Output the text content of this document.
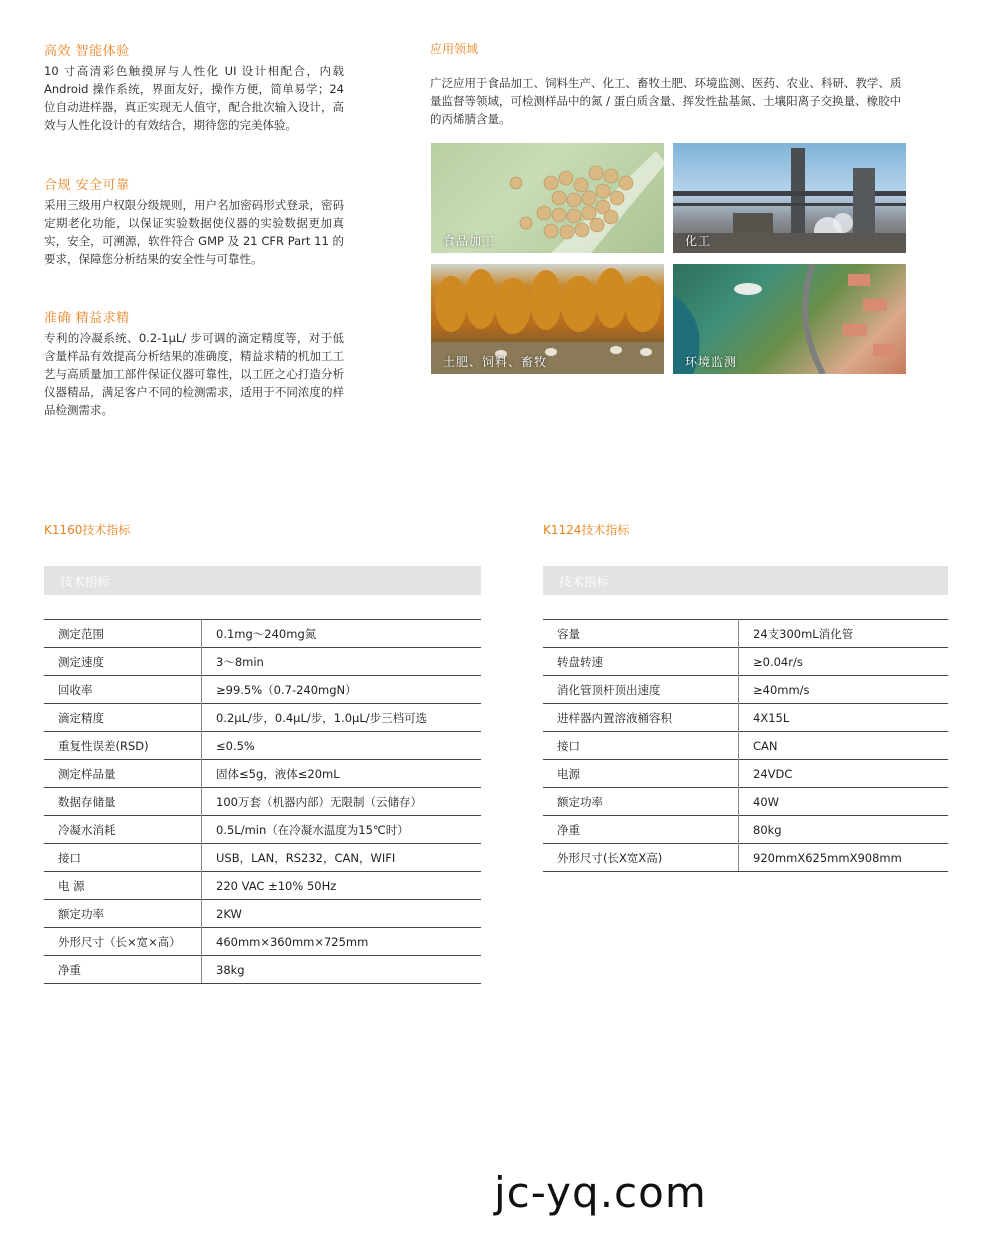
高效 智能体验

10 寸高清彩色触摸屏与人性化 UI 设计相配合，内载 Android 操作系统，界面友好，操作方便，简单易学；24 位自动进样器，真正实现无人值守，配合批次输入设计，高效与人性化设计的有效结合，期待您的完美体验。

合规 安全可靠

采用三级用户权限分级规则，用户名加密码形式登录，密码定期老化功能，以保证实验数据使仪器的实验数据更加真实，安全，可溯源，软件符合 GMP 及 21 CFR Part 11 的要求，保障您分析结果的安全性与可靠性。

准确 精益求精

专利的冷凝系统、0.2-1μL/ 步可调的滴定精度等，对于低含量样品有效提高分析结果的准确度，精益求精的机加工工艺与高质量加工部件保证仪器可靠性，以工匠之心打造分析仪器精品，满足客户不同的检测需求，适用于不同浓度的样品检测需求。

应用领域

广泛应用于食品加工、饲料生产、化工、畜牧土肥、环境监测、医药、农业、科研、教学、质量监督等领域，可检测样品中的氮 / 蛋白质含量、挥发性盐基氮、土壤阳离子交换量、橡胶中的丙烯腈含量。

食品加工	化工
土肥、饲料、畜牧	环境监测
K1160技术指标	K1124技术指标
技术指标	技术指标
测定范围	0.1mg～240mg氮
测定速度	3～8min
回收率	≥99.5%（0.7-240mgN）
滴定精度	0.2μL/步，0.4μL/步，1.0μL/步三档可选
重复性误差(RSD)	≤0.5%
测定样品量	固体≤5g，液体≤20mL
数据存储量	100万套（机器内部）无限制（云储存）
冷凝水消耗	0.5L/min（在冷凝水温度为15℃时）
接口	USB，LAN，RS232，CAN，WIFI
电 源	220 VAC ±10% 50Hz
额定功率	2KW
外形尺寸（长×宽×高）	460mm×360mm×725mm
净重	38kg
容量	24支300mL消化管
转盘转速	≥0.04r/s
消化管顶杆顶出速度	≥40mm/s
进样器内置溶液桶容积	4X15L
接口	CAN
电源	24VDC
额定功率	40W
净重	80kg
外形尺寸(长X宽X高)	920mmX625mmX908mm
jc-yq.com
